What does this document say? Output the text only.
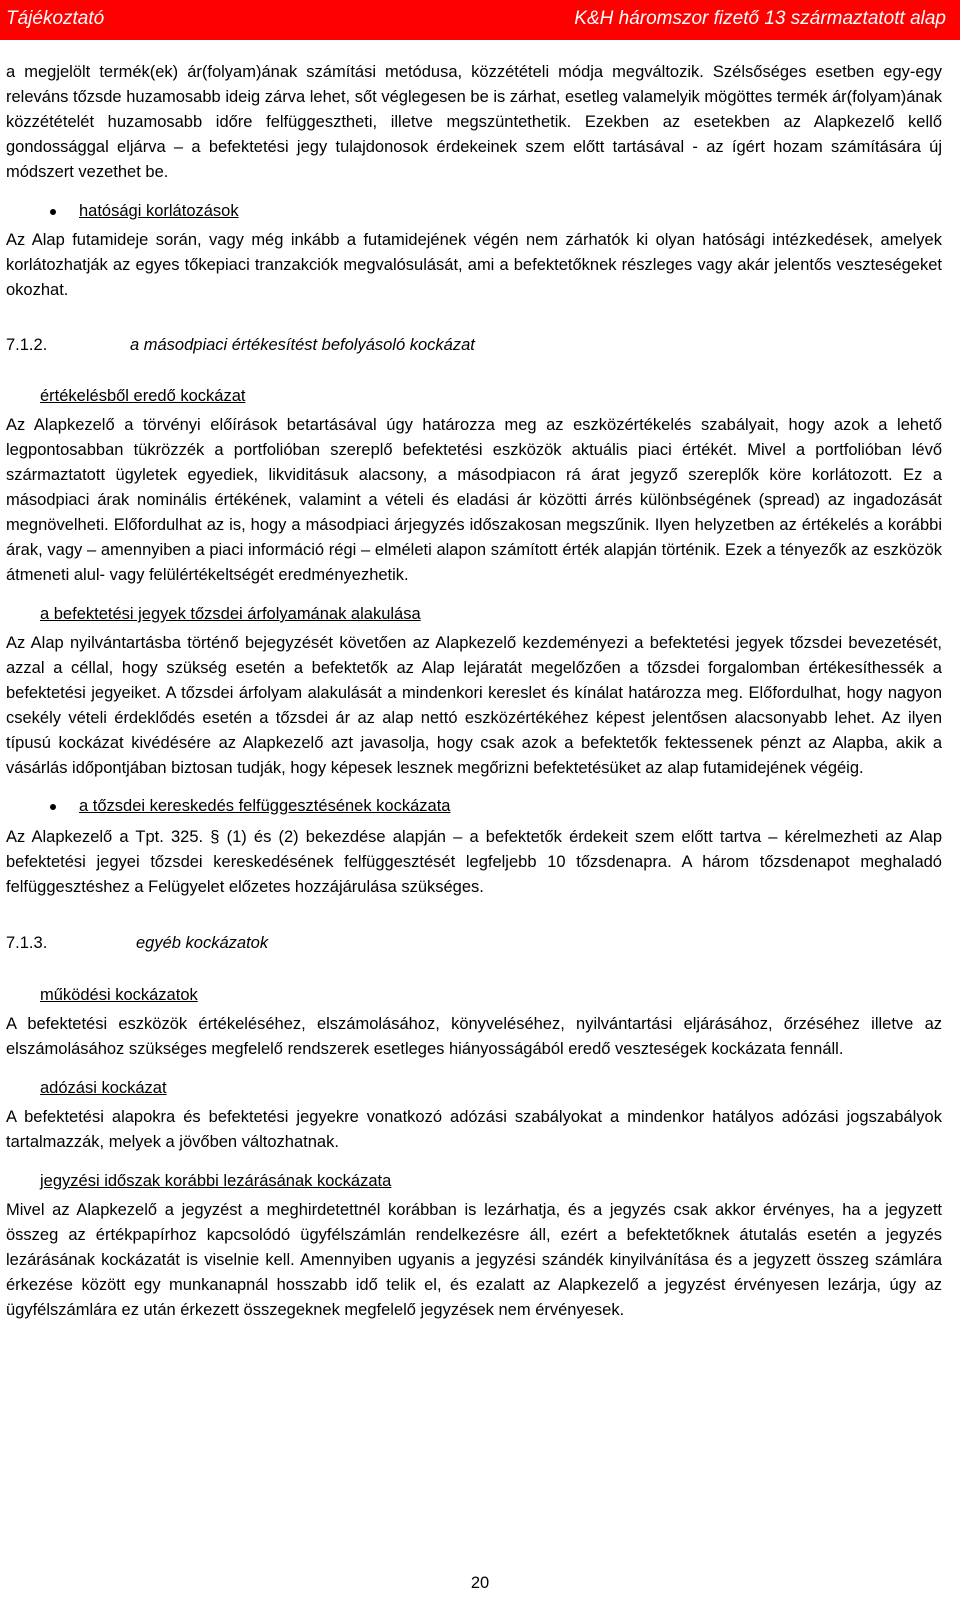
Tájékoztató	K&H háromszor fizető 13 származtatott alap

a megjelölt termék(ek) ár(folyam)ának számítási metódusa, közzétételi módja megváltozik. Szélsőséges esetben egy-egy releváns tőzsde huzamosabb ideig zárva lehet, sőt véglegesen be is zárhat, esetleg valamelyik mögöttes termék ár(folyam)ának közzétételét huzamosabb időre felfüggesztheti, illetve megszüntethetik. Ezekben az esetekben az Alapkezelő kellő gondossággal eljárva – a befektetési jegy tulajdonosok érdekeinek szem előtt tartásával - az ígért hozam számítására új módszert vezethet be.

hatósági korlátozások

Az Alap futamideje során, vagy még inkább a futamidejének végén nem zárhatók ki olyan hatósági intézkedések, amelyek korlátozhatják az egyes tőkepiaci tranzakciók megvalósulását, ami a befektetőknek részleges vagy akár jelentős veszteségeket okozhat.

7.1.2.	a másodpiaci értékesítést befolyásoló kockázat

értékelésből eredő kockázat

Az Alapkezelő a törvényi előírások betartásával úgy határozza meg az eszközértékelés szabályait, hogy azok a lehető legpontosabban tükrözzék a portfolióban szereplő befektetési eszközök aktuális piaci értékét. Mivel a portfolióban lévő származtatott ügyletek egyediek, likviditásuk alacsony, a másodpiacon rá árat jegyző szereplők köre korlátozott. Ez a másodpiaci árak nominális értékének, valamint a vételi és eladási ár közötti árrés különbségének (spread) az ingadozását megnövelheti. Előfordulhat az is, hogy a másodpiaci árjegyzés időszakosan megszűnik. Ilyen helyzetben az értékelés a korábbi árak, vagy – amennyiben a piaci információ régi – elméleti alapon számított érték alapján történik. Ezek a tényezők az eszközök átmeneti alul- vagy felülértékeltségét eredményezhetik.

a befektetési jegyek tőzsdei árfolyamának alakulása

Az Alap nyilvántartásba történő bejegyzését követően az Alapkezelő kezdeményezi a befektetési jegyek tőzsdei bevezetését, azzal a céllal, hogy szükség esetén a befektetők az Alap lejáratát megelőzően a tőzsdei forgalomban értékesíthessék a befektetési jegyeiket. A tőzsdei árfolyam alakulását a mindenkori kereslet és kínálat határozza meg. Előfordulhat, hogy nagyon csekély vételi érdeklődés esetén a tőzsdei ár az alap nettó eszközértékéhez képest jelentősen alacsonyabb lehet. Az ilyen típusú kockázat kivédésére az Alapkezelő azt javasolja, hogy csak azok a befektetők fektessenek pénzt az Alapba, akik a vásárlás időpontjában biztosan tudják, hogy képesek lesznek megőrizni befektetésüket az alap futamidejének végéig.

a tőzsdei kereskedés felfüggesztésének kockázata

Az Alapkezelő a Tpt. 325. § (1) és (2) bekezdése alapján – a befektetők érdekeit szem előtt tartva – kérelmezheti az Alap befektetési jegyei tőzsdei kereskedésének felfüggesztését legfeljebb 10 tőzsdenapra. A három tőzsdenapot meghaladó felfüggesztéshez a Felügyelet előzetes hozzájárulása szükséges.

7.1.3.	egyéb kockázatok

működési kockázatok

A befektetési eszközök értékeléséhez, elszámolásához, könyveléséhez, nyilvántartási eljárásához, őrzéséhez illetve az elszámolásához szükséges megfelelő rendszerek esetleges hiányosságából eredő veszteségek kockázata fennáll.

adózási kockázat

A befektetési alapokra és befektetési jegyekre vonatkozó adózási szabályokat a mindenkor hatályos adózási jogszabályok tartalmazzák, melyek a jövőben változhatnak.

jegyzési időszak korábbi lezárásának kockázata

Mivel az Alapkezelő a jegyzést a meghirdetettnél korábban is lezárhatja, és a jegyzés csak akkor érvényes, ha a jegyzett összeg az értékpapírhoz kapcsolódó ügyfélszámlán rendelkezésre áll, ezért a befektetőknek átutalás esetén a jegyzés lezárásának kockázatát is viselnie kell. Amennyiben ugyanis a jegyzési szándék kinyilvánítása és a jegyzett összeg számlára érkezése között egy munkanapnál hosszabb idő telik el, és ezalatt az Alapkezelő a jegyzést érvényesen lezárja, úgy az ügyfélszámlára ez után érkezett összegeknek megfelelő jegyzések nem érvényesek.

20
